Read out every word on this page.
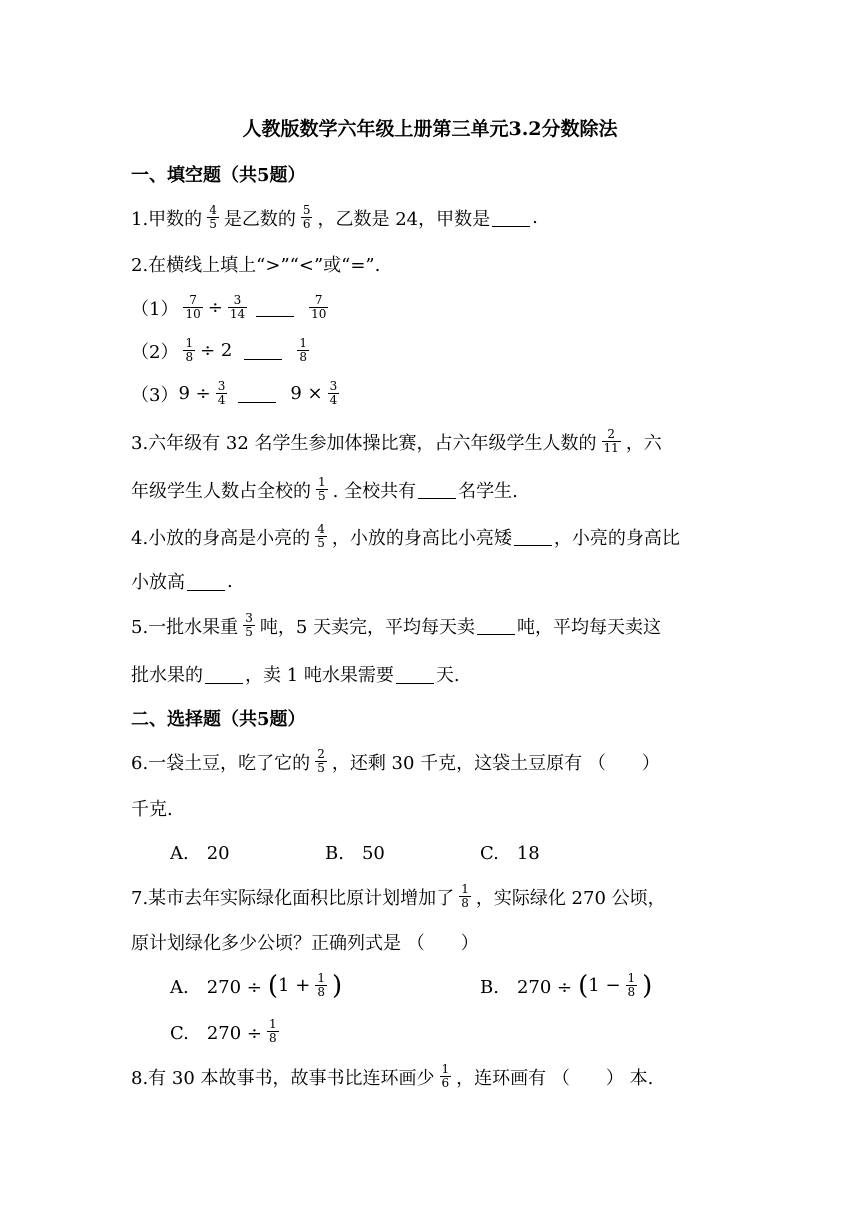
人教版数学六年级上册第三单元3.2分数除法
一、填空题（共5题）
1.甲数的 $\frac{4}{5}$ 是乙数的 $\frac{5}{6}$ ，乙数是 24，甲数是 .
2.在横线上填上“>”“<”或“=”.
$(1) \frac{7}{10} \div \frac{3}{14}$	$\frac{7}{10}$
$(2) \frac{1}{8} \div 2$	$\frac{1}{8}$
（3） $9 \div \frac{3}{4}$	$9 \times \frac{3}{4}$
3.六年级有 32 名学生参加体操比赛，占六年级学生人数的 $\frac{2}{11}$ ，六
年级学生人数占全校的 $\frac{1}{5}$ . 全校共有 名学生.
4.小放的身高是小亮的 $\frac{4}{5}$ ，小放的身高比小亮矮 ，小亮的身高比
小放高 .
5.一批水果重 $\frac{3}{5}$ 吨，5 天卖完，平均每天卖 吨，平均每天卖这
批水果的 ，卖 1 吨水果需要 天.
二、选择题（共5题）
6.一袋土豆，吃了它的 $\frac{2}{5}$ ，还剩 30 千克，这袋土豆原有 （ ）
千克.
A.　20	B.　50	C.　18
7.某市去年实际绿化面积比原计划增加了 $\frac{1}{8}$ ，实际绿化 270 公顷，
原计划绿化多少公顷？正确列式是 （ ）
A.　270 ÷ ( $1 + \frac{1}{8}$ )	B.　270 ÷ ( $1 - \frac{1}{8}$ )
C.　$270 \div \frac{1}{8}$
8.有 30 本故事书，故事书比连环画少 $\frac{1}{6}$ ，连环画有 （ ） 本.
